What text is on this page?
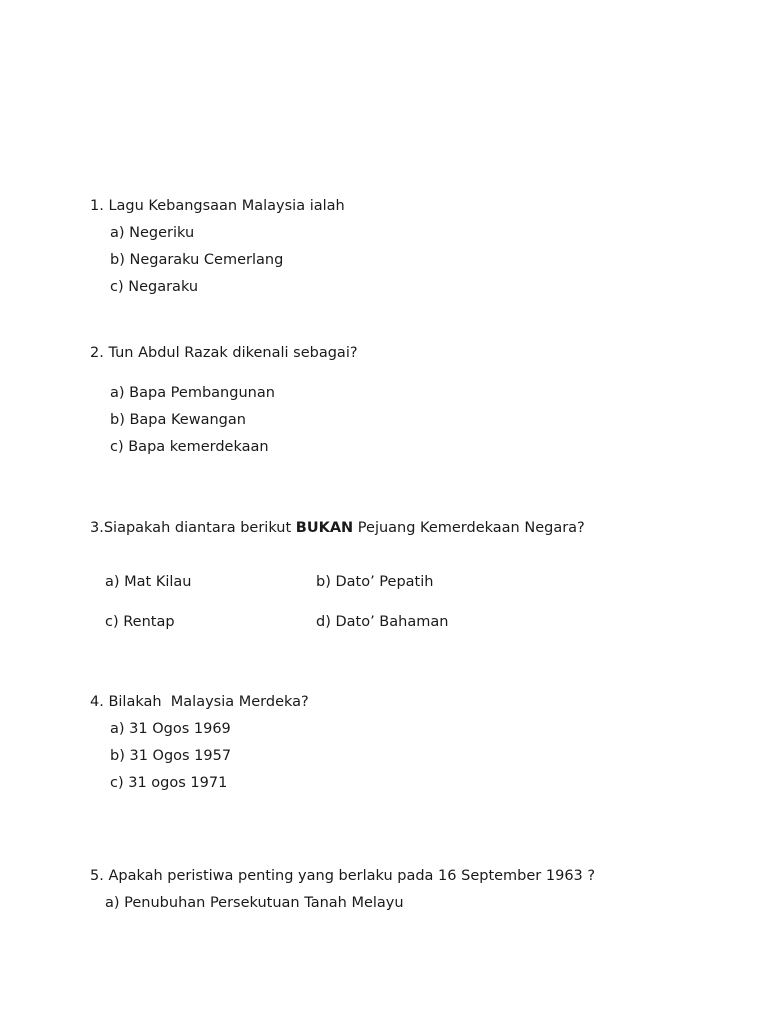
1. Lagu Kebangsaan Malaysia ialah
a) Negeriku
b) Negaraku Cemerlang
c) Negaraku
2. Tun Abdul Razak dikenali sebagai?
a) Bapa Pembangunan
b) Bapa Kewangan
c) Bapa kemerdekaan
3.Siapakah diantara berikut BUKAN Pejuang Kemerdekaan Negara?
a) Mat Kilau	b) Dato’ Pepatih
c) Rentap	d) Dato’ Bahaman
4. Bilakah  Malaysia Merdeka?
a) 31 Ogos 1969
b) 31 Ogos 1957
c) 31 ogos 1971
5. Apakah peristiwa penting yang berlaku pada 16 September 1963 ?
a) Penubuhan Persekutuan Tanah Melayu
